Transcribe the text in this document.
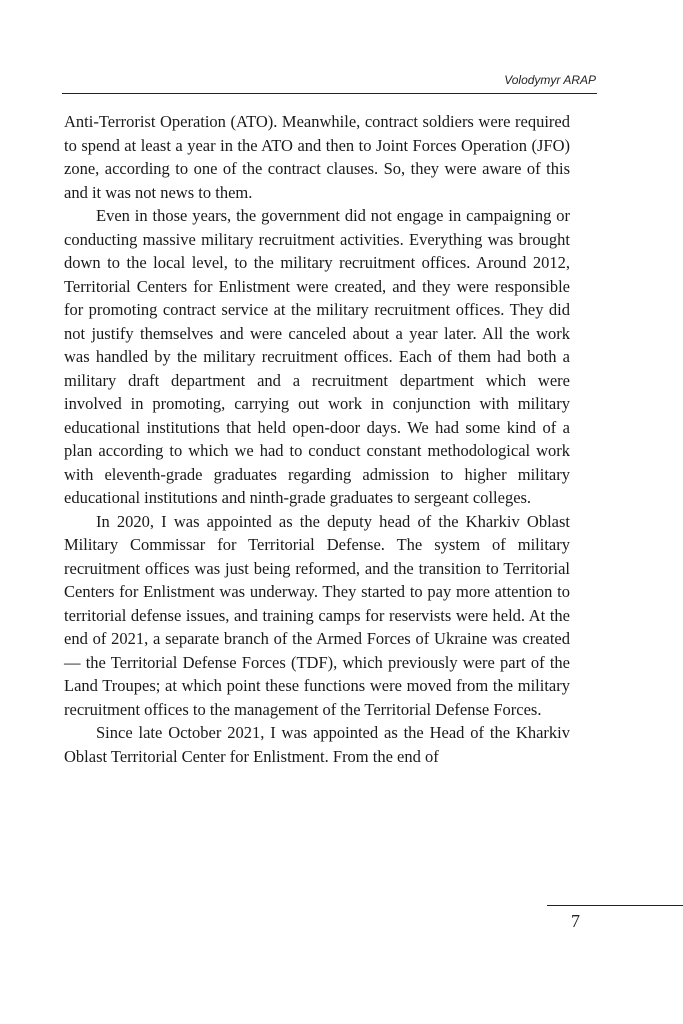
Volodymyr ARAP

Anti-Terrorist Operation (ATO). Meanwhile, contract soldiers were required to spend at least a year in the ATO and then to Joint Forces Operation (JFO) zone, according to one of the contract clauses. So, they were aware of this and it was not news to them.

Even in those years, the government did not engage in campaigning or conducting massive military recruitment activities. Everything was brought down to the local level, to the military recruitment offices. Around 2012, Territorial Centers for Enlistment were created, and they were responsible for promoting contract service at the military recruitment offices. They did not justify themselves and were canceled about a year later. All the work was handled by the military recruitment offices. Each of them had both a military draft department and a recruitment department which were involved in promoting, carrying out work in conjunction with military educational institutions that held open-door days. We had some kind of a plan according to which we had to conduct constant methodological work with eleventh-grade graduates regarding admission to higher military educational institutions and ninth-grade graduates to sergeant colleges.

In 2020, I was appointed as the deputy head of the Kharkiv Oblast Military Commissar for Territorial Defense. The system of military recruitment offices was just being reformed, and the transition to Territorial Centers for Enlistment was underway. They started to pay more attention to territorial defense issues, and training camps for reservists were held. At the end of 2021, a separate branch of the Armed Forces of Ukraine was created— the Territorial Defense Forces (TDF), which previously were part of the Land Troupes; at which point these functions were moved from the military recruitment offices to the management of the Territorial Defense Forces.

Since late October 2021, I was appointed as the Head of the Kharkiv Oblast Territorial Center for Enlistment. From the end of

7
